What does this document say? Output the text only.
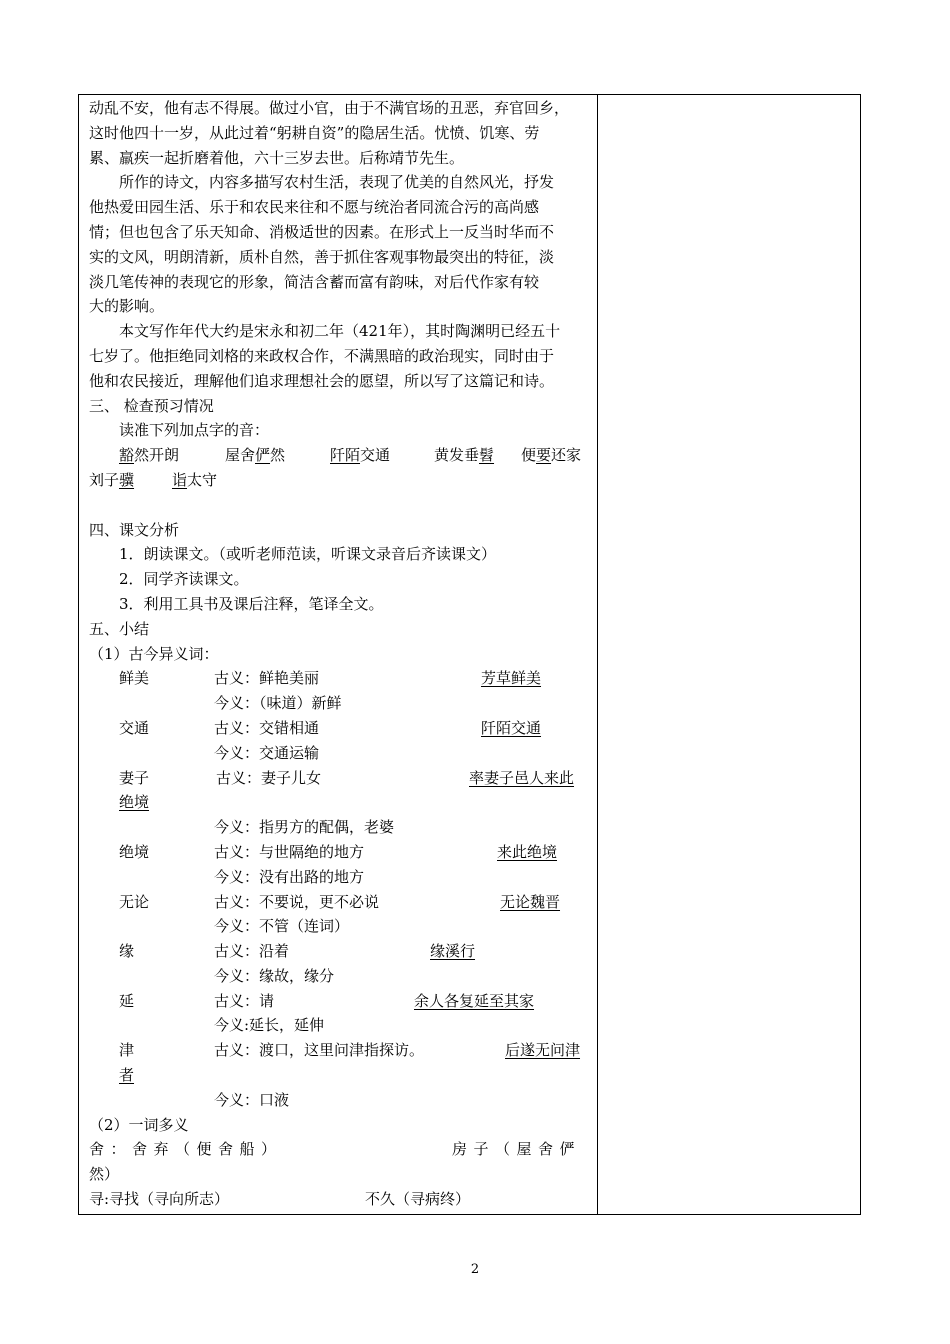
动乱不安，他有志不得展。做过小官，由于不满官场的丑恶，弃官回乡，
这时他四十一岁，从此过着“躬耕自资”的隐居生活。忧愤、饥寒、劳
累、羸疾一起折磨着他，六十三岁去世。后称靖节先生。
所作的诗文，内容多描写农村生活，表现了优美的自然风光，抒发
他热爱田园生活、乐于和农民来往和不愿与统治者同流合污的高尚感
情；但也包含了乐天知命、消极适世的因素。在形式上一反当时华而不
实的文风，明朗清新，质朴自然，善于抓住客观事物最突出的特征，淡
淡几笔传神的表现它的形象，简洁含蓄而富有韵味，对后代作家有较
大的影响。
本文写作年代大约是宋永和初二年（421年），其时陶渊明已经五十
七岁了。他拒绝同刘格的来政权合作，不满黑暗的政治现实，同时由于
他和农民接近，理解他们追求理想社会的愿望，所以写了这篇记和诗。
三、 检查预习情况
读准下列加点字的音：
豁然开朗	屋舍俨然	阡陌交通	黄发垂髫 便要还家
刘子骥	诣太守
四、课文分析
1．朗读课文。（或听老师范读，听课文录音后齐读课文）
2．同学齐读课文。
3．利用工具书及课后注释，笔译全文。
五、小结
（1）古今异义词：
鲜美	古义：鲜艳美丽	芳草鲜美
今义：（味道）新鲜
交通	古义：交错相通	阡陌交通
今义：交通运输
妻子	古义：妻子儿女	率妻子邑人来此
绝境
今义：指男方的配偶，老婆
绝境	古义：与世隔绝的地方	来此绝境
今义：没有出路的地方
无论	古义：不要说，更不必说	无论魏晋
今义：不管（连词）
缘	古义：沿着	缘溪行
今义：缘故，缘分
延	古义：请	余人各复延至其家
今义:延长，延伸
津	古义：渡口，这里问津指探访。	后遂无问津
者
今义：口液
（2）一词多义
舍：舍弃（便舍船）	房子（屋舍俨
然）
寻:寻找（寻向所志）	不久（寻病终）
2
